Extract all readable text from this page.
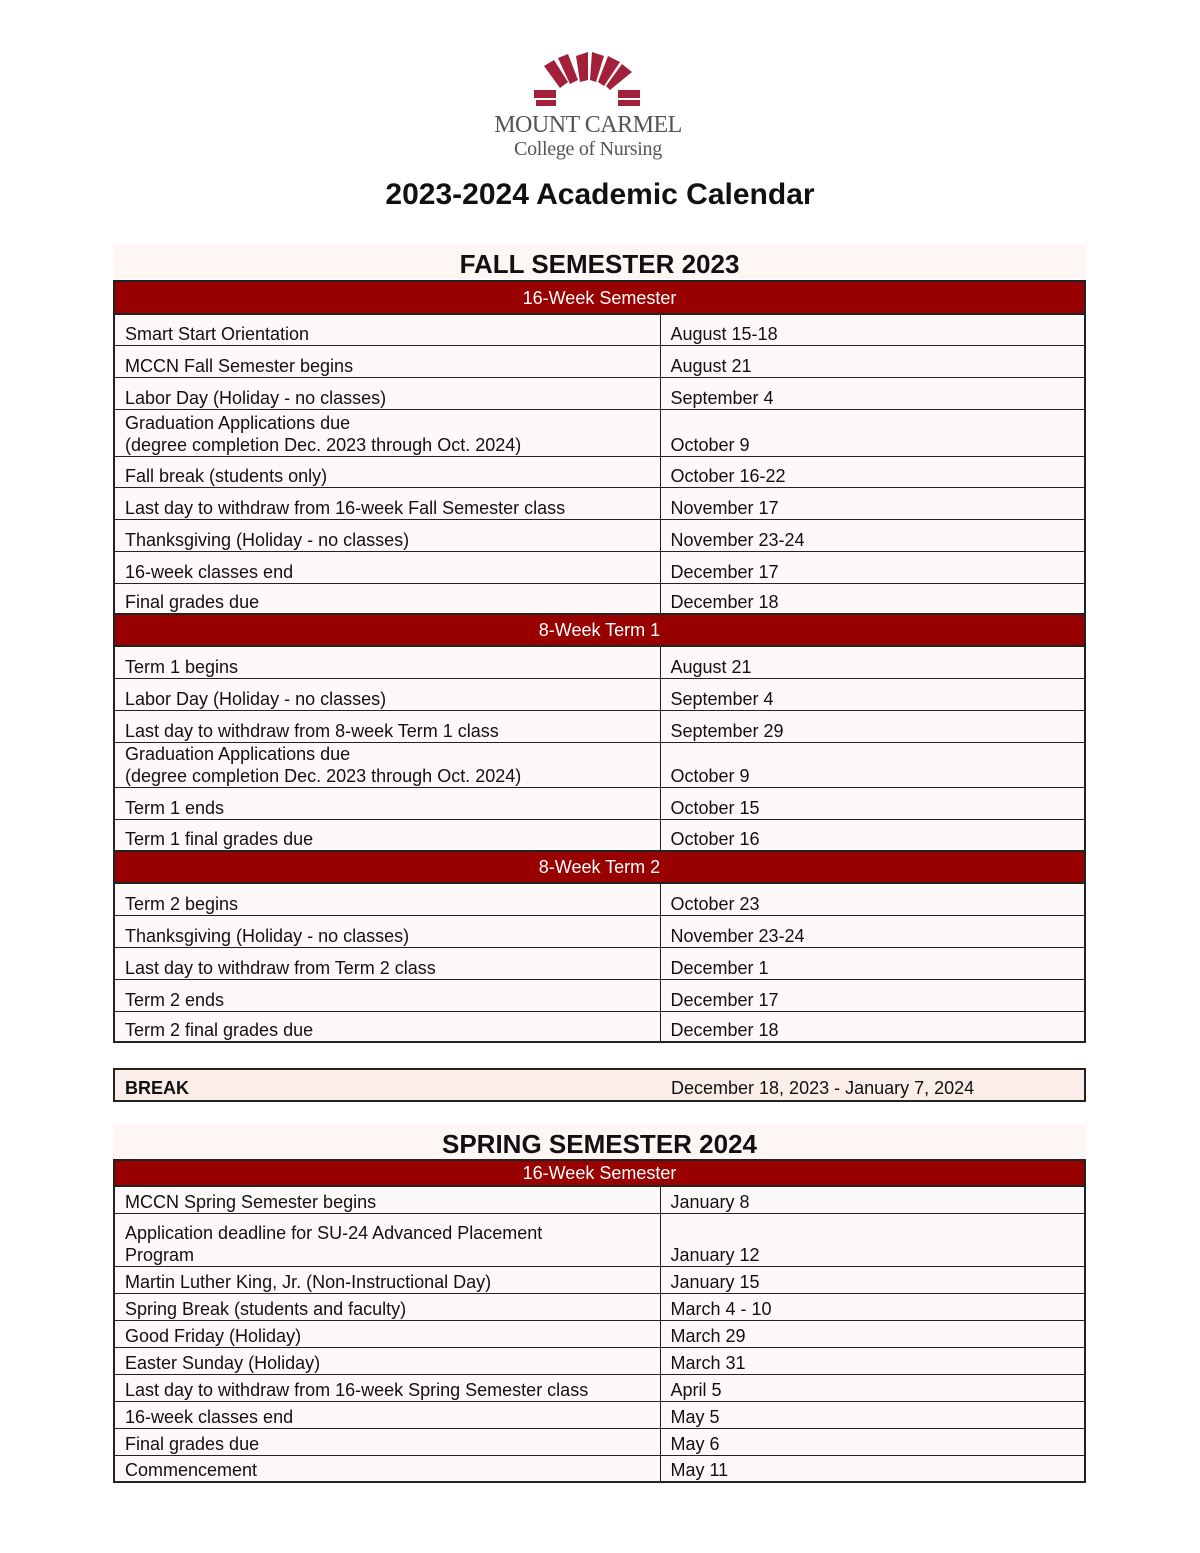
MOUNT CARMEL
College of Nursing
2023-2024 Academic Calendar
FALL SEMESTER 2023
16-Week Semester	
Smart Start Orientation	August 15-18
MCCN Fall Semester begins	August 21
Labor Day (Holiday - no classes)	September 4
Graduation Applications due
(degree completion Dec. 2023 through Oct. 2024)	October 9
Fall break (students only)	October 16-22
Last day to withdraw from 16-week Fall Semester class	November 17
Thanksgiving (Holiday - no classes)	November 23-24
16-week classes end	December 17
Final grades due	December 18
8-Week Term 1	
Term 1 begins	August 21
Labor Day (Holiday - no classes)	September 4
Last day to withdraw from 8-week Term 1 class	September 29
Graduation Applications due
(degree completion Dec. 2023 through Oct. 2024)	October 9
Term 1 ends	October 15
Term 1 final grades due	October 16
8-Week Term 2	
Term 2 begins	October 23
Thanksgiving (Holiday - no classes)	November 23-24
Last day to withdraw from Term 2 class	December 1
Term 2 ends	December 17
Term 2 final grades due	December 18
BREAK	December 18, 2023 - January 7, 2024
SPRING SEMESTER 2024
16-Week Semester	
MCCN Spring Semester begins	January 8
Application deadline for SU-24 Advanced Placement
Program	January 12
Martin Luther King, Jr. (Non-Instructional Day)	January 15
Spring Break (students and faculty)	March 4 - 10
Good Friday (Holiday)	March 29
Easter Sunday (Holiday)	March 31
Last day to withdraw from 16-week Spring Semester class	April 5
16-week classes end	May 5
Final grades due	May 6
Commencement	May 11
